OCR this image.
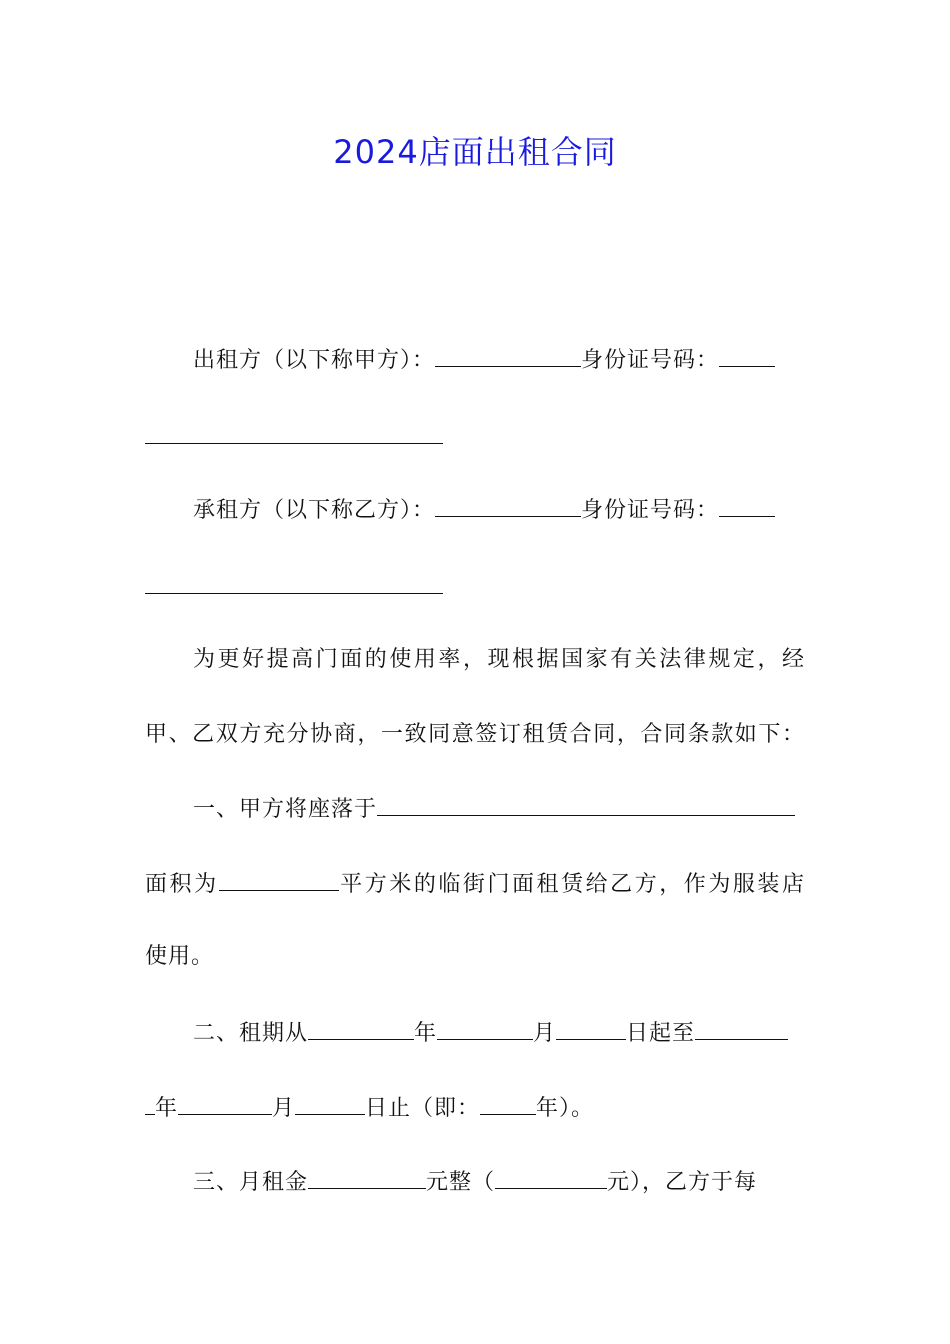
2024店面出租合同
出租方（以下称甲方）：	身份证号码：
承租方（以下称乙方）：	身份证号码：
为更好提高门面的使用率，现根据国家有关法律规定，经
甲、乙双方充分协商，一致同意签订租赁合同，合同条款如下：
一、甲方将座落于
面积为	平方米的临街门面租赁给乙方，作为服装店
使用。
二、租期从	年	月	日起至
年	月	日止（即：	年）。
三、月租金	元整（	元），乙方于每
